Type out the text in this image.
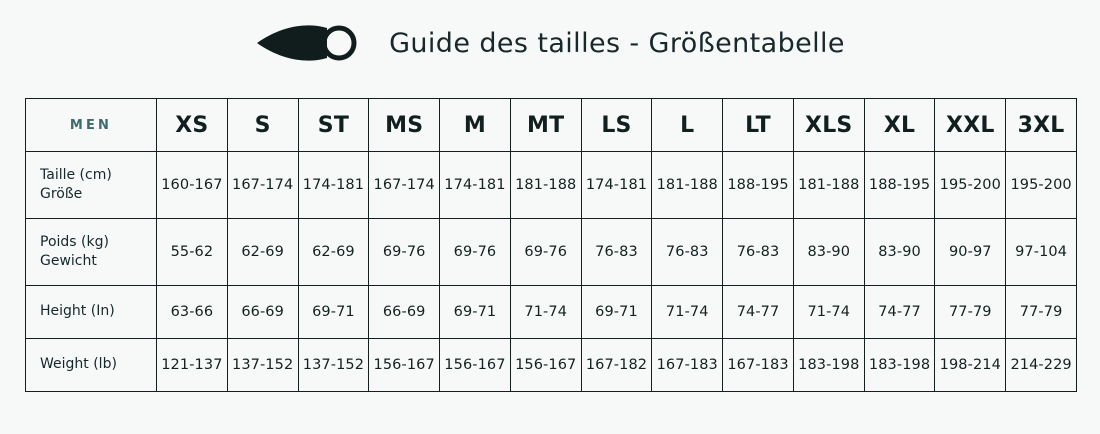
Guide des tailles - Größentabelle
MEN	XS	S	ST	MS	M	MT	LS	L	LT	XLS	XL	XXL	3XL

Taille (cm)
Größe	160-167	167-174	174-181	167-174	174-181	181-188	174-181	181-188	188-195	181-188	188-195	195-200	195-200

Poids (kg)
Gewicht	55-62	62-69	62-69	69-76	69-76	69-76	76-83	76-83	76-83	83-90	83-90	90-97	97-104

Height (In)	63-66	66-69	69-71	66-69	69-71	71-74	69-71	71-74	74-77	71-74	74-77	77-79	77-79

Weight (lb)	121-137	137-152	137-152	156-167	156-167	156-167	167-182	167-183	167-183	183-198	183-198	198-214	214-229
